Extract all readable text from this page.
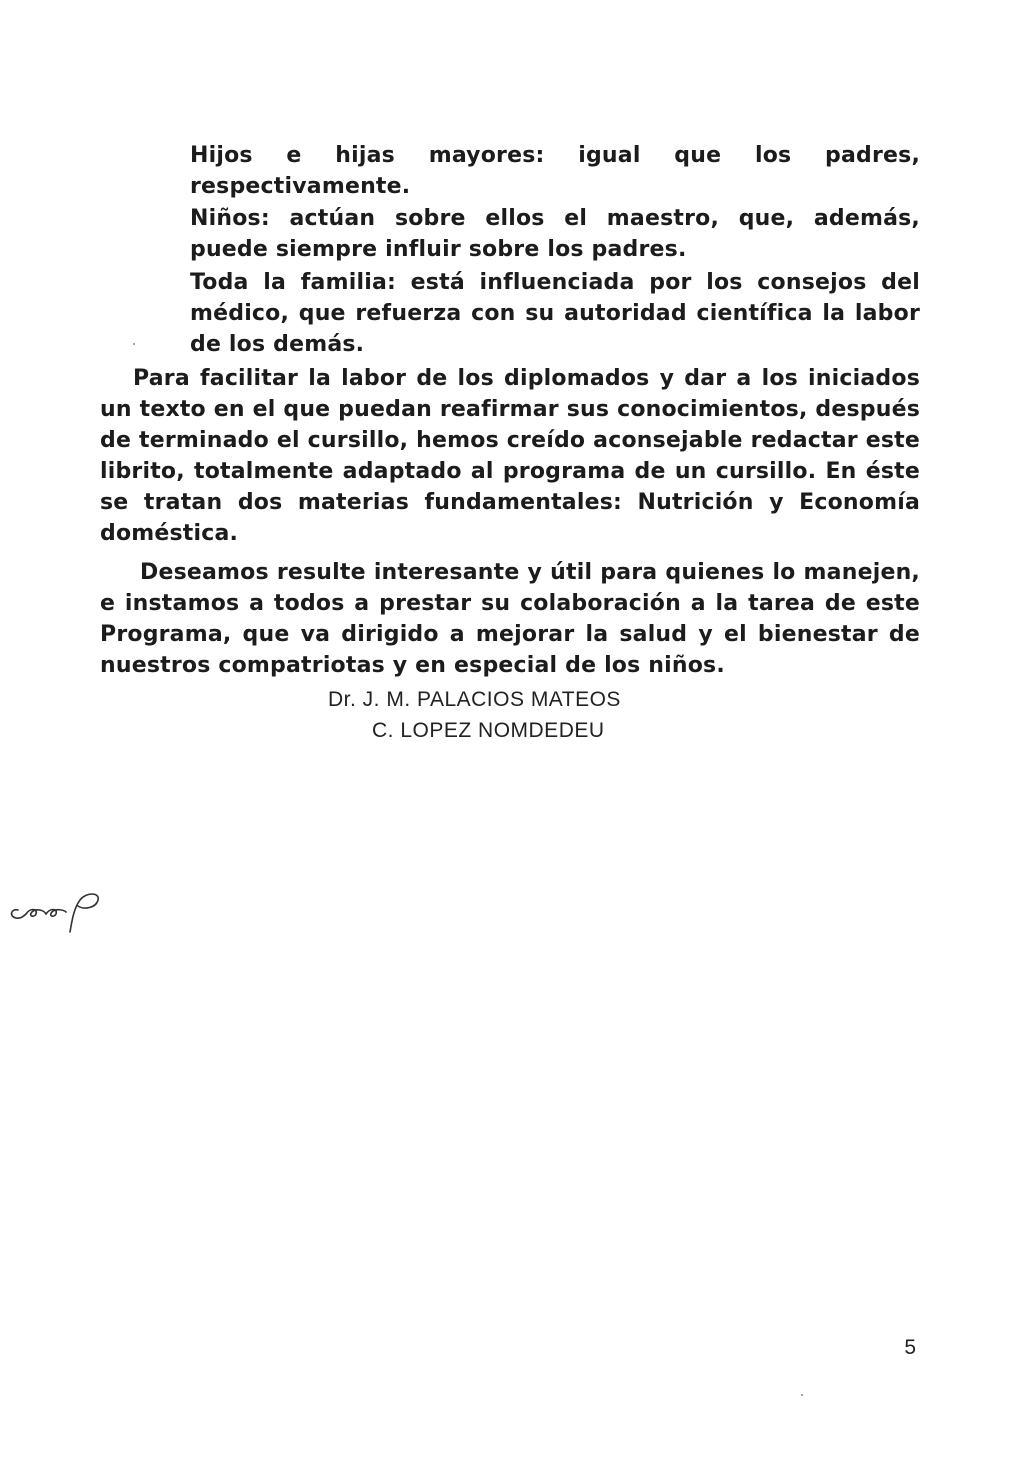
Hijos e hijas mayores: igual que los padres, respectivamente.

Niños: actúan sobre ellos el maestro, que, además, puede siempre influir sobre los padres.

Toda la familia: está influenciada por los consejos del médico, que refuerza con su autoridad científica la labor de los demás.

Para facilitar la labor de los diplomados y dar a los iniciados un texto en el que puedan reafirmar sus conocimientos, después de terminado el cursillo, hemos creído aconsejable redactar este librito, totalmente adaptado al programa de un cursillo. En éste se tratan dos materias fundamentales: Nutrición y Economía doméstica.

Deseamos resulte interesante y útil para quienes lo manejen, e instamos a todos a prestar su colaboración a la tarea de este Programa, que va dirigido a mejorar la salud y el bienestar de nuestros compatriotas y en especial de los niños.

Dr. J. M. PALACIOS MATEOS

C. LOPEZ NOMDEDEU

5
